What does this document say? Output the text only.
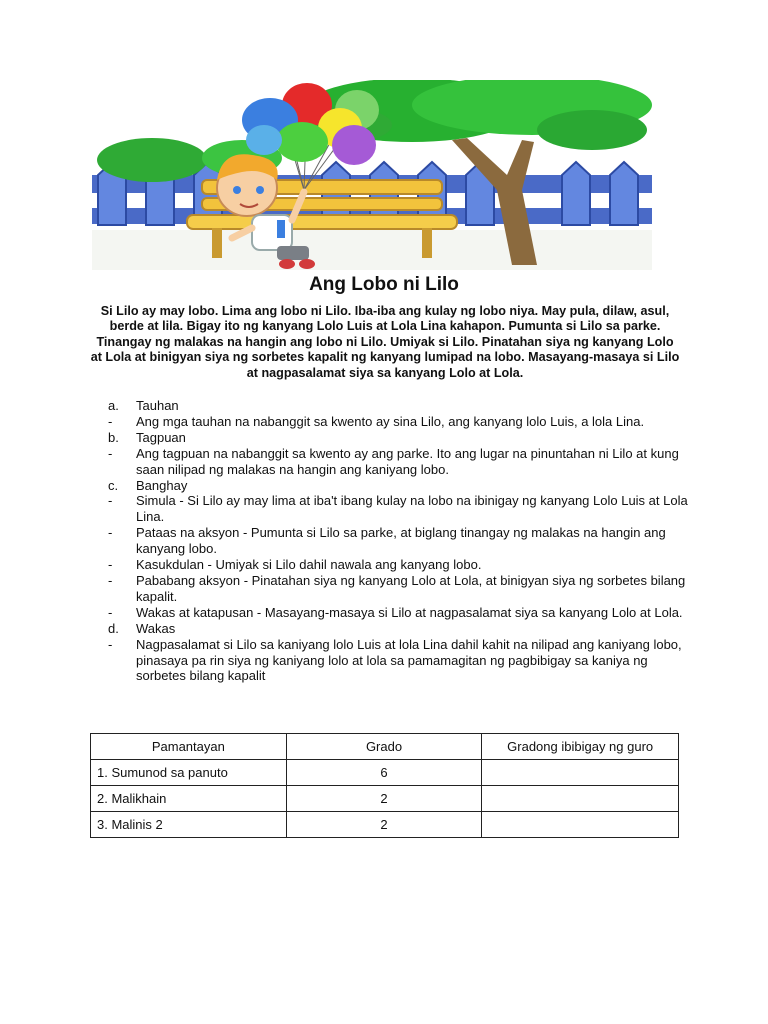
Ang Lobo ni Lilo
Si Lilo ay may lobo. Lima ang lobo ni Lilo. Iba-iba ang kulay ng lobo niya. May pula, dilaw, asul, berde at lila. Bigay ito ng kanyang Lolo Luis at Lola Lina kahapon. Pumunta si Lilo sa parke. Tinangay ng malakas na hangin ang lobo ni Lilo. Umiyak si Lilo. Pinatahan siya ng kanyang Lolo at Lola at binigyan siya ng sorbetes kapalit ng kanyang lumipad na lobo. Masayang-masaya si Lilo at nagpasalamat siya sa kanyang Lolo at Lola.
a. Tauhan
- Ang mga tauhan na nabanggit sa kwento ay sina Lilo, ang kanyang lolo Luis, a lola Lina.
b. Tagpuan
- Ang tagpuan na nabanggit sa kwento ay ang parke. Ito ang lugar na pinuntahan ni Lilo at kung saan nilipad ng malakas na hangin ang kaniyang lobo.
c. Banghay
- Simula - Si Lilo ay may lima at iba't ibang kulay na lobo na ibinigay ng kanyang Lolo Luis at Lola Lina.
- Pataas na aksyon - Pumunta si Lilo sa parke, at biglang tinangay ng malakas na hangin ang kanyang lobo.
- Kasukdulan - Umiyak si Lilo dahil nawala ang kanyang lobo.
- Pababang aksyon - Pinatahan siya ng kanyang Lolo at Lola, at binigyan siya ng sorbetes bilang kapalit.
- Wakas at katapusan - Masayang-masaya si Lilo at nagpasalamat siya sa kanyang Lolo at Lola.
d. Wakas
- Nagpasalamat si Lilo sa kaniyang lolo Luis at lola Lina dahil kahit na nilipad ang kaniyang lobo, pinasaya pa rin siya ng kaniyang lolo at lola sa pamamagitan ng pagbibigay sa kaniya ng sorbetes bilang kapalit
Pamantayan	Grado	Gradong ibibigay ng guro
1. Sumunod sa panuto	6	
2. Malikhain	2	
3. Malinis 2	2	
